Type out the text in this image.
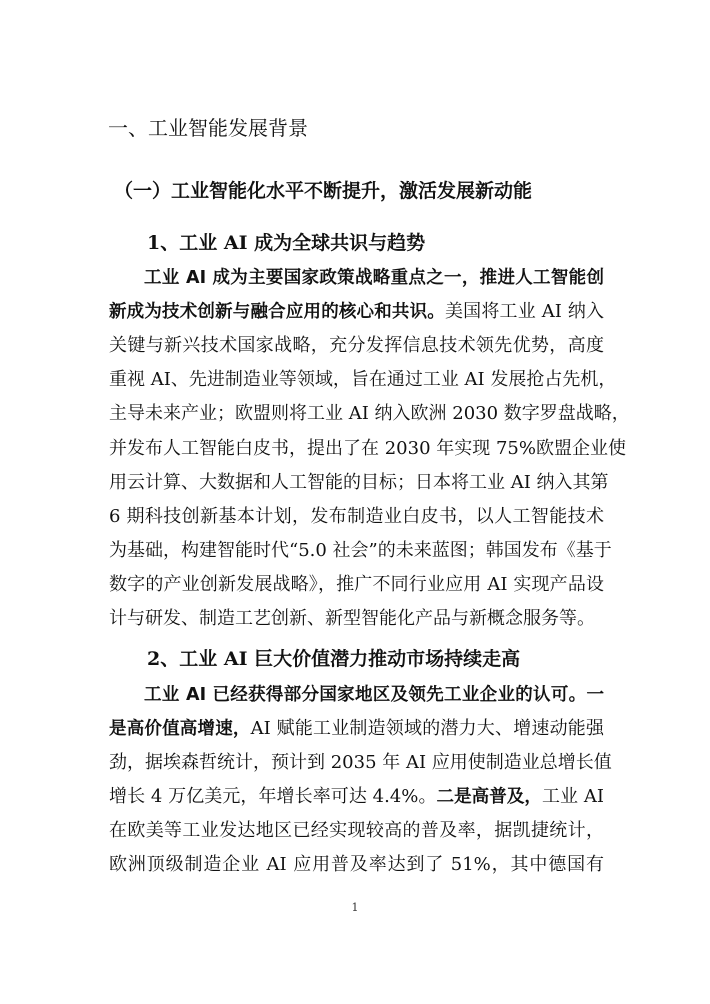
一、工业智能发展背景
（一）工业智能化水平不断提升，激活发展新动能
1、工业 AI 成为全球共识与趋势
工业 AI 成为主要国家政策战略重点之一，推进人工智能创
新成为技术创新与融合应用的核心和共识。美国将工业 AI 纳入
关键与新兴技术国家战略，充分发挥信息技术领先优势，高度
重视 AI、先进制造业等领域，旨在通过工业 AI 发展抢占先机，
主导未来产业；欧盟则将工业 AI 纳入欧洲 2030 数字罗盘战略，
并发布人工智能白皮书，提出了在 2030 年实现 75%欧盟企业使
用云计算、大数据和人工智能的目标；日本将工业 AI 纳入其第
6 期科技创新基本计划，发布制造业白皮书，以人工智能技术
为基础，构建智能时代“5.0 社会”的未来蓝图；韩国发布《基于
数字的产业创新发展战略》，推广不同行业应用 AI 实现产品设
计与研发、制造工艺创新、新型智能化产品与新概念服务等。
2、工业 AI 巨大价值潜力推动市场持续走高
工业 AI 已经获得部分国家地区及领先工业企业的认可。一
是高价值高增速，AI 赋能工业制造领域的潜力大、增速动能强
劲，据埃森哲统计，预计到 2035 年 AI 应用使制造业总增长值
增长 4 万亿美元，年增长率可达 4.4%。二是高普及，工业 AI
在欧美等工业发达地区已经实现较高的普及率，据凯捷统计，
欧洲顶级制造企业 AI 应用普及率达到了 51%，其中德国有
1
